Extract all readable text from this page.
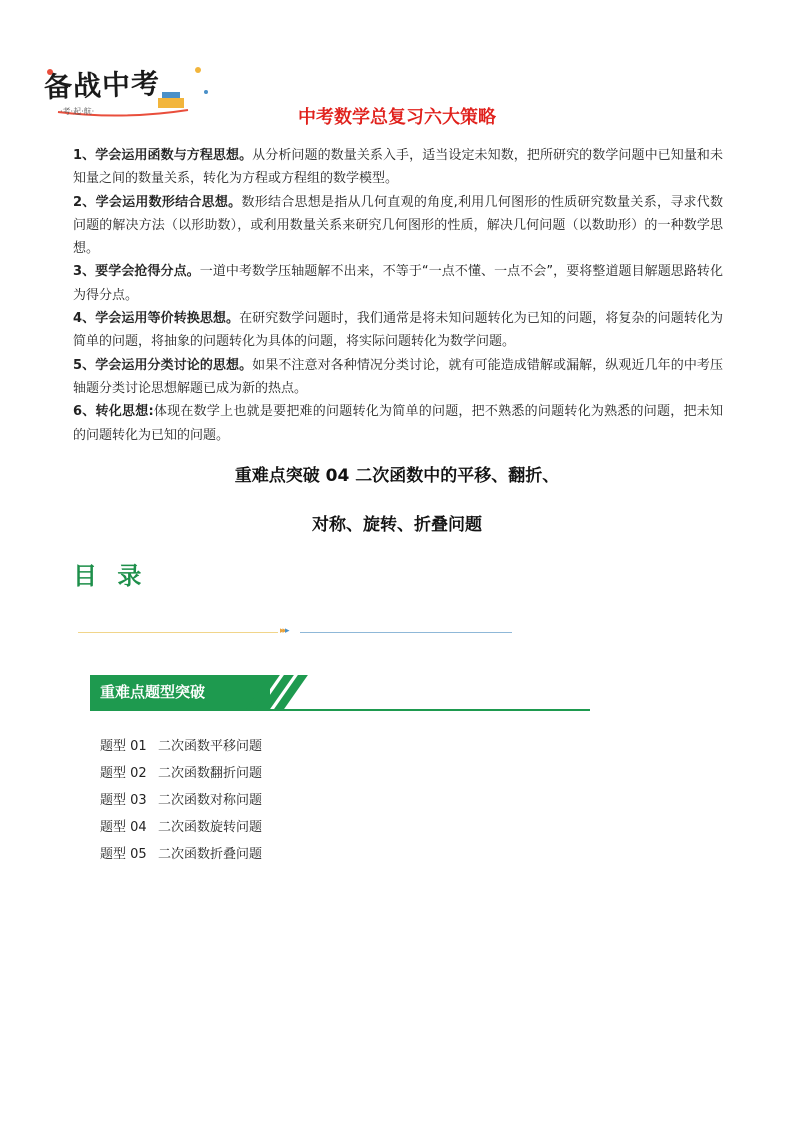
备战中考
·考·起·航·	中考数学总复习六大策略

1、学会运用函数与方程思想。从分析问题的数量关系入手，适当设定未知数，把所研究的数学问题中已知量和未知量之间的数量关系，转化为方程或方程组的数学模型。

2、学会运用数形结合思想。数形结合思想是指从几何直观的角度,利用几何图形的性质研究数量关系，寻求代数问题的解决方法（以形助数），或利用数量关系来研究几何图形的性质，解决几何问题（以数助形）的一种数学思想。

3、要学会抢得分点。一道中考数学压轴题解不出来，不等于“一点不懂、一点不会”，要将整道题目解题思路转化为得分点。

4、学会运用等价转换思想。在研究数学问题时，我们通常是将未知问题转化为已知的问题，将复杂的问题转化为简单的问题，将抽象的问题转化为具体的问题，将实际问题转化为数学问题。

5、学会运用分类讨论的思想。如果不注意对各种情况分类讨论，就有可能造成错解或漏解，纵观近几年的中考压轴题分类讨论思想解题已成为新的热点。

6、转化思想:体现在数学上也就是要把难的问题转化为简单的问题，把不熟悉的问题转化为熟悉的问题，把未知的问题转化为已知的问题。

重难点突破 04 二次函数中的平移、翻折、
对称、旋转、折叠问题
目 录
▸▸▸
重难点题型突破
题型 01 二次函数平移问题
题型 02 二次函数翻折问题
题型 03 二次函数对称问题
题型 04 二次函数旋转问题
题型 05 二次函数折叠问题
